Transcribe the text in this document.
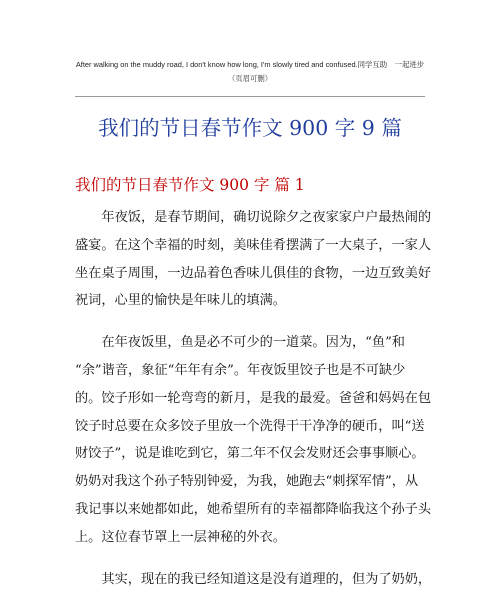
After walking on the muddy road, I don't know how long, I'm slowly tired and confused.同学互助　一起进步
（页眉可删）
我们的节日春节作文 900 字 9 篇
我们的节日春节作文 900 字 篇 1

年夜饭，是春节期间，确切说除夕之夜家家户户最热闹的
盛宴。在这个幸福的时刻，美味佳肴摆满了一大桌子，一家人
坐在桌子周围，一边品着色香味儿俱佳的食物，一边互致美好
祝词，心里的愉快是年味儿的填满。

在年夜饭里，鱼是必不可少的一道菜。因为，“鱼”和
“余”谐音，象征“年年有余”。年夜饭里饺子也是不可缺少
的。饺子形如一轮弯弯的新月，是我的最爱。爸爸和妈妈在包
饺子时总要在众多饺子里放一个洗得干干净净的硬币，叫“送
财饺子”，说是谁吃到它，第二年不仅会发财还会事事顺心。
奶奶对我这个孙子特别钟爱，为我，她跑去“刺探军情”，从
我记事以来她都如此，她希望所有的幸福都降临我这个孙子头
上。这位春节罩上一层神秘的外衣。

其实，现在的我已经知道这是没有道理的，但为了奶奶，
